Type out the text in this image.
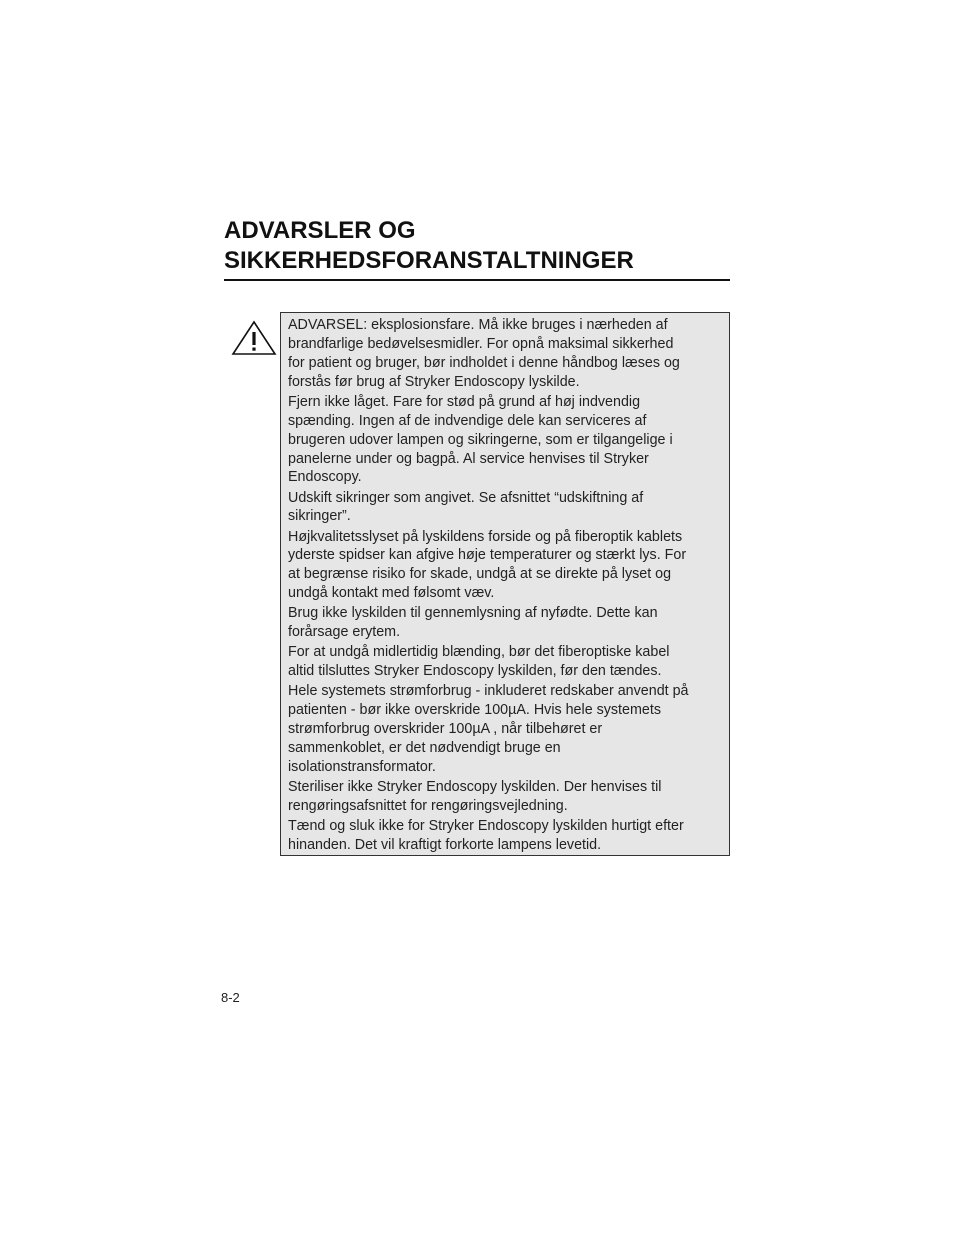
ADVARSLER OG
SIKKERHEDSFORANSTALTNINGER

ADVARSEL: eksplosionsfare. Må ikke bruges i nærheden af
brandfarlige bedøvelsesmidler. For opnå maksimal sikkerhed
for patient og bruger, bør indholdet i denne håndbog læses og
forstås før brug af Stryker Endoscopy lyskilde.

Fjern ikke låget. Fare for stød på grund af høj indvendig
spænding. Ingen af de indvendige dele kan serviceres af
brugeren udover lampen og sikringerne, som er tilgangelige i
panelerne under og bagpå. Al service henvises til Stryker
Endoscopy.

Udskift sikringer som angivet. Se afsnittet “udskiftning af
sikringer”.

Højkvalitetsslyset på lyskildens forside og på fiberoptik kablets
yderste spidser kan afgive høje temperaturer og stærkt lys. For
at begrænse risiko for skade, undgå at se direkte på lyset og
undgå kontakt med følsomt væv.

Brug ikke lyskilden til gennemlysning af nyfødte. Dette kan
forårsage erytem.

For at undgå midlertidig blænding, bør det fiberoptiske kabel
altid tilsluttes Stryker Endoscopy lyskilden, før den tændes.

Hele systemets strømforbrug - inkluderet redskaber anvendt på
patienten - bør ikke overskride 100µA. Hvis hele systemets
strømforbrug overskrider 100µA , når tilbehøret er
sammenkoblet, er det nødvendigt bruge en
isolationstransformator.

Steriliser ikke Stryker Endoscopy lyskilden. Der henvises til
rengøringsafsnittet for rengøringsvejledning.

Tænd og sluk ikke for Stryker Endoscopy lyskilden hurtigt efter
hinanden. Det vil kraftigt forkorte lampens levetid.

8-2
